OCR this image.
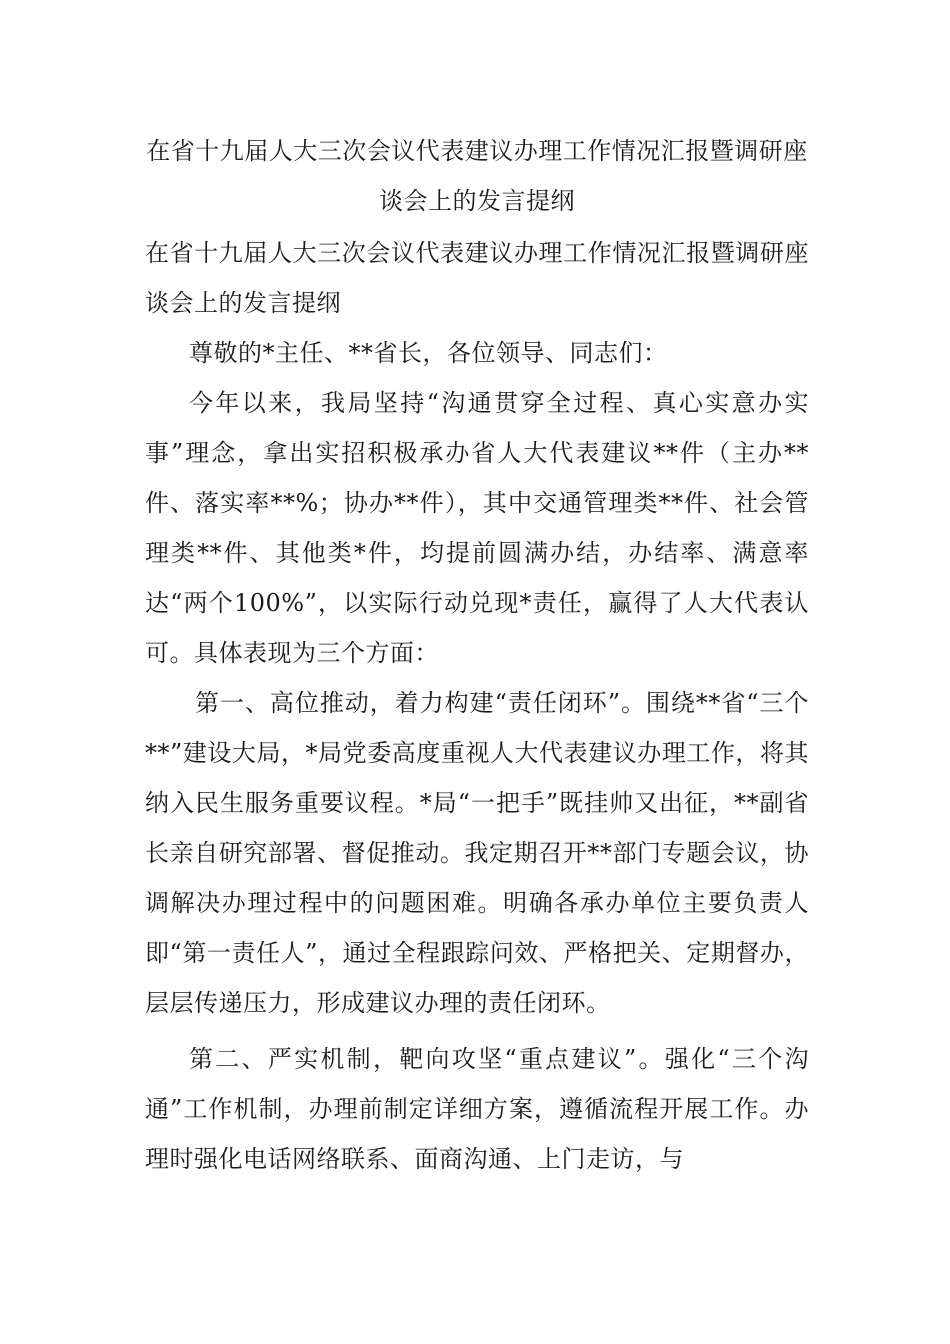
在省十九届人大三次会议代表建议办理工作情况汇报暨调研座谈会上的发言提纲
在省十九届人大三次会议代表建议办理工作情况汇报暨调研座谈会上的发言提纲

尊敬的*主任、**省长，各位领导、同志们：

今年以来，我局坚持“沟通贯穿全过程、真心实意办实事”理念，拿出实招积极承办省人大代表建议**件（主办**件、落实率**%；协办**件），其中交通管理类**件、社会管理类**件、其他类*件，均提前圆满办结，办结率、满意率达“两个100%”，以实际行动兑现*责任，赢得了人大代表认可。具体表现为三个方面：

第一、高位推动，着力构建“责任闭环”。围绕**省“三个**”建设大局，*局党委高度重视人大代表建议办理工作，将其纳入民生服务重要议程。*局“一把手”既挂帅又出征，**副省长亲自研究部署、督促推动。我定期召开**部门专题会议，协调解决办理过程中的问题困难。明确各承办单位主要负责人即“第一责任人”，通过全程跟踪问效、严格把关、定期督办，层层传递压力，形成建议办理的责任闭环。

第二、严实机制，靶向攻坚“重点建议”。强化“三个沟通”工作机制，办理前制定详细方案，遵循流程开展工作。办理时强化电话网络联系、面商沟通、上门走访，与
